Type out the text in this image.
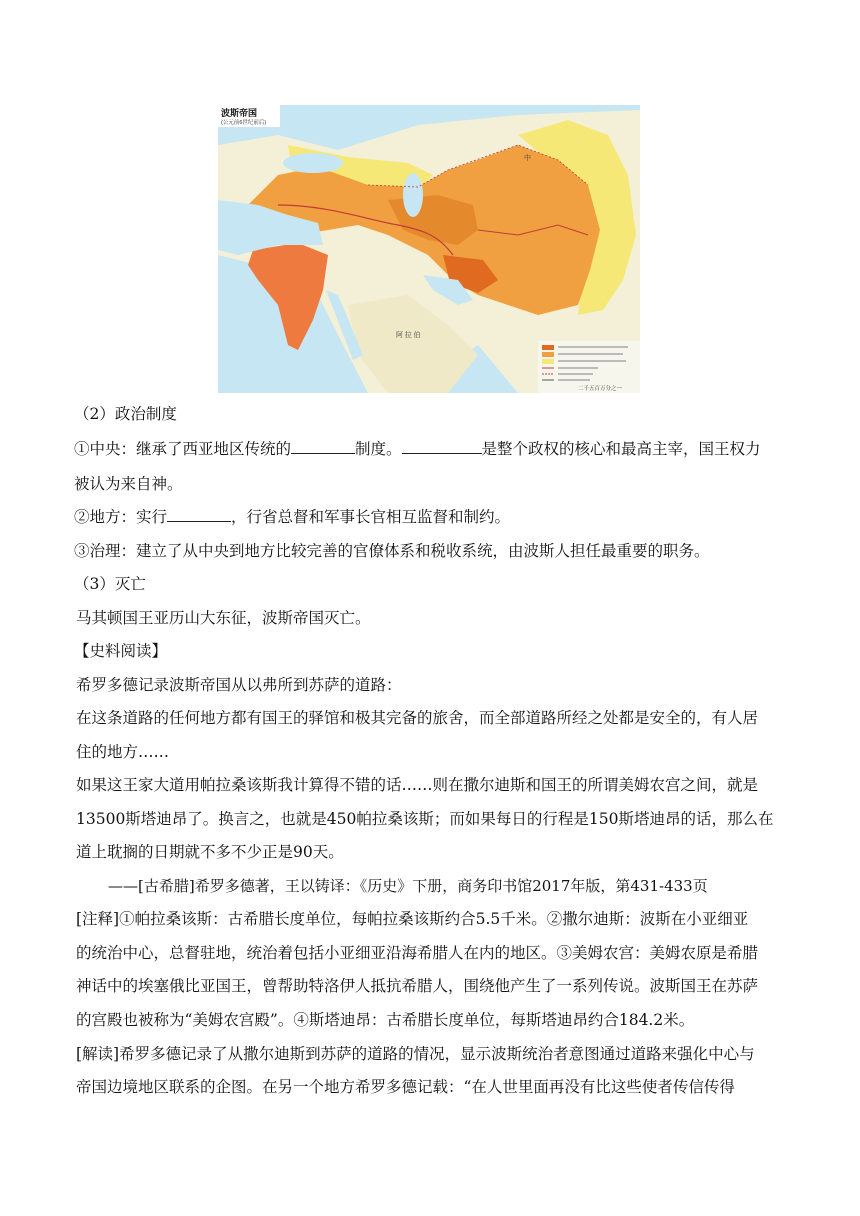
波斯帝国
(公元前6世纪前后)
阿 拉 伯
中
二千五百万分之一
（2）政治制度
①中央：继承了西亚地区传统的	制度。	是整个政权的核心和最高主宰，国王权力
被认为来自神。
②地方：实行	，行省总督和军事长官相互监督和制约。
③治理：建立了从中央到地方比较完善的官僚体系和税收系统，由波斯人担任最重要的职务。
（3）灭亡
马其顿国王亚历山大东征，波斯帝国灭亡。
【史料阅读】
希罗多德记录波斯帝国从以弗所到苏萨的道路：
在这条道路的任何地方都有国王的驿馆和极其完备的旅舍，而全部道路所经之处都是安全的，有人居
住的地方……
如果这王家大道用帕拉桑该斯我计算得不错的话……则在撒尔迪斯和国王的所谓美姆农宫之间，就是
13500斯塔迪昂了。换言之，也就是450帕拉桑该斯；而如果每日的行程是150斯塔迪昂的话，那么在
道上耽搁的日期就不多不少正是90天。
——[古希腊]希罗多德著，王以铸译：《历史》下册，商务印书馆2017年版，第431-433页
[注释]①帕拉桑该斯：古希腊长度单位，每帕拉桑该斯约合5.5千米。②撒尔迪斯：波斯在小亚细亚
的统治中心，总督驻地，统治着包括小亚细亚沿海希腊人在内的地区。③美姆农宫：美姆农原是希腊
神话中的埃塞俄比亚国王，曾帮助特洛伊人抵抗希腊人，围绕他产生了一系列传说。波斯国王在苏萨
的宫殿也被称为“美姆农宫殿”。④斯塔迪昂：古希腊长度单位，每斯塔迪昂约合184.2米。
[解读]希罗多德记录了从撒尔迪斯到苏萨的道路的情况，显示波斯统治者意图通过道路来强化中心与
帝国边境地区联系的企图。在另一个地方希罗多德记载：“在人世里面再没有比这些使者传信传得
